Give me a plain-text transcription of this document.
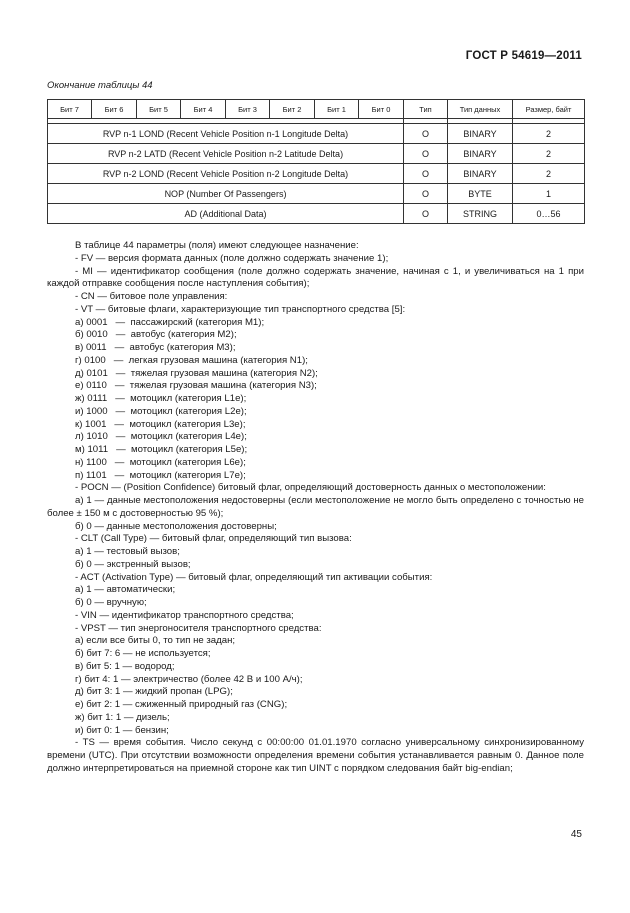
ГОСТ Р 54619—2011
Окончание таблицы 44
Бит 7	Бит 6	Бит 5	Бит 4	Бит 3	Бит 2	Бит 1	Бит 0	Тип	Тип данных	Размер, байт

RVP n-1 LOND (Recent Vehicle Position n-1 Longitude Delta)								O	BINARY	2
RVP n-2 LATD (Recent Vehicle Position n-2 Latitude Delta)								O	BINARY	2
RVP n-2 LOND (Recent Vehicle Position n-2 Longitude Delta)								O	BINARY	2
NOP (Number Of Passengers)								O	BYTE	1
AD (Additional Data)								O	STRING	0…56

В таблице 44 параметры (поля) имеют следующее назначение:

- FV — версия формата данных (поле должно содержать значение 1);

- MI — идентификатор сообщения (поле должно содержать значение, начиная с 1, и увеличиваться на 1 при каждой отправке сообщения после наступления события);

- CN — битовое поле управления:

- VT — битовые флаги, характеризующие тип транспортного средства [5]:

а) 0001   —  пассажирский (категория M1);

б) 0010   —  автобус (категория M2);

в) 0011   —  автобус (категория M3);

г) 0100   —  легкая грузовая машина (категория N1);

д) 0101   —  тяжелая грузовая машина (категория N2);

е) 0110   —  тяжелая грузовая машина (категория N3);

ж) 0111   —  мотоцикл (категория L1e);

и) 1000   —  мотоцикл (категория L2e);

к) 1001   —  мотоцикл (категория L3e);

л) 1010   —  мотоцикл (категория L4e);

м) 1011   —  мотоцикл (категория L5e);

н) 1100   —  мотоцикл (категория L6e);

п) 1101   —  мотоцикл (категория L7e);

- POCN — (Position Confidence) битовый флаг, определяющий достоверность данных о местоположении:

а) 1 — данные местоположения недостоверны (если местоположение не могло быть определено с точностью не более ± 150 м с достоверностью 95 %);

б) 0 — данные местоположения достоверны;

- CLT (Call Type) — битовый флаг, определяющий тип вызова:

а) 1 — тестовый вызов;

б) 0 — экстренный вызов;

- ACT (Activation Type) — битовый флаг, определяющий тип активации события:

а) 1 — автоматически;

б) 0 — вручную;

- VIN — идентификатор транспортного средства;

- VPST — тип энергоносителя транспортного средства:

а) если все биты 0, то тип не задан;

б) бит 7: 6 — не используется;

в) бит 5: 1 — водород;

г) бит 4: 1 — электричество (более 42 В и 100 А/ч);

д) бит 3: 1 — жидкий пропан (LPG);

е) бит 2: 1 — сжиженный природный газ (CNG);

ж) бит 1: 1 — дизель;

и) бит 0: 1 — бензин;

- TS — время события. Число секунд с 00:00:00 01.01.1970 согласно универсальному синхронизированному времени (UTC). При отсутствии возможности определения времени события устанавливается равным 0. Данное поле должно интерпретироваться на приемной стороне как тип UINT с порядком следования байт big-endian;

45
